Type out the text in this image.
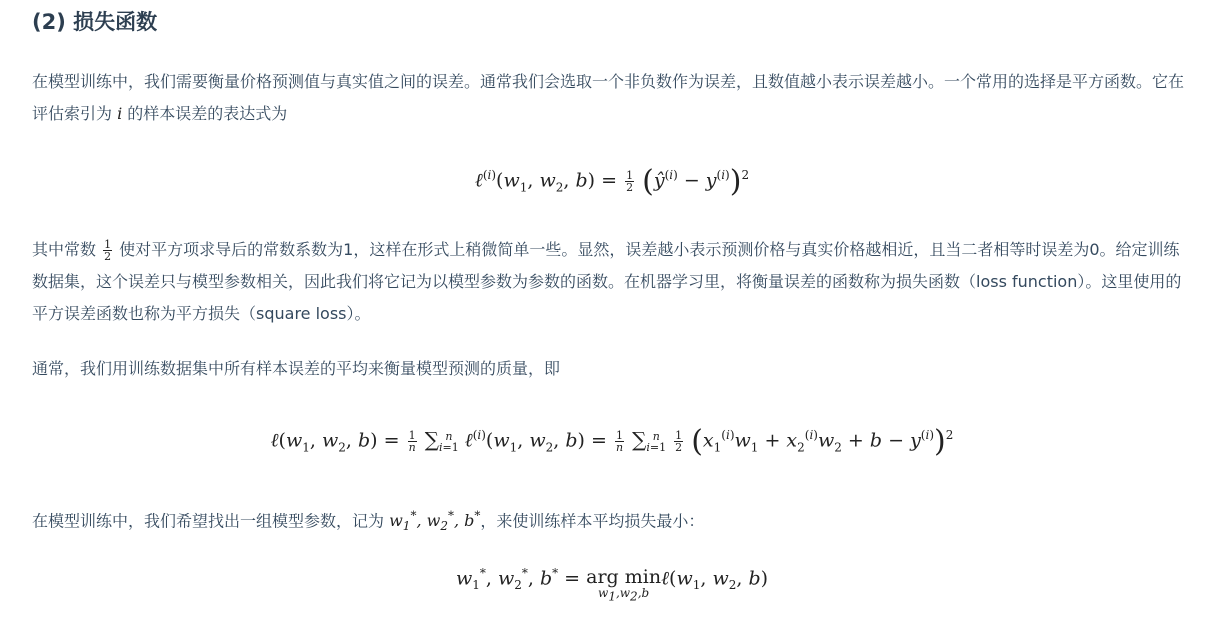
(2) 损失函数
在模型训练中，我们需要衡量价格预测值与真实值之间的误差。通常我们会选取一个非负数作为误差，且数值越小表示误差越小。一个常用的选择是平方函数。它在评估索引为 i 的样本误差的表达式为
$\ell^{(i)}(w_1$, $w_2$, $b) = \frac{1}{2}$ $(ŷ^{(i)} - y^{(i)})^2$
其中常数 $\frac{1}{2}$ 使对平方项求导后的常数系数为1，这样在形式上稍微简单一些。显然，误差越小表示预测价格与真实价格越相近，且当二者相等时误差为0。给定训练数据集，这个误差只与模型参数相关，因此我们将它记为以模型参数为参数的函数。在机器学习里，将衡量误差的函数称为损失函数（loss function）。这里使用的平方误差函数也称为平方损失（square loss）。
通常，我们用训练数据集中所有样本误差的平均来衡量模型预测的质量，即
$\ell(w_1$, $w_2$, $b) = \frac{1}{n}$ ∑ n
i=1 $\ell^{(i)}(w_1$, $w_2$, $b) = \frac{1}{n}$ ∑ n
$i=1 \frac{1}{2} (x_1^{(i)}w_1 + x_2^{(i)}w_2 + b - y^{(i)})^2$
在模型训练中，我们希望找出一组模型参数，记为 $w_1^*$, $w_2^*$, b*，来使训练样本平均损失最小：
$w_1^*$, $w_2^*$, b* = arg min
$w_1,w_2,b$
$\ell(w_1$, $w_2$, b)
